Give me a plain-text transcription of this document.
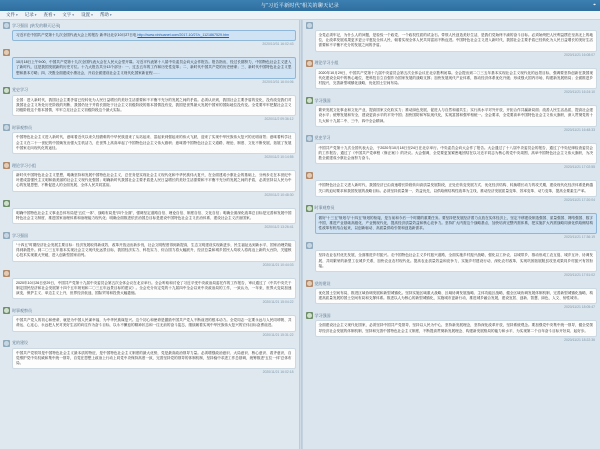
与“习近平新时代”相关的聊天记录	⌖
文件▾ 记录▾ 查看▾ 文字▾ 设置▾ 帮助▾
学习强国 [转发的聊天记录]
习近平在中国共产党第十九次全国代表大会上的报告 新华社北京10月27日电 http://www.xinhuanet.com/2017-10/27/c_1121867529.htm
2020/10/31 16:02:43
10月18日上午9:00，中国共产党第十九次全国代表大会在人民大会堂开幕。习近平代表第十八届中央委员会向大会作报告。报告指出，经过长期努力，中国特色社会主义进入了新时代，这是我国发展新的历史方位。十九大报告共分13个部分：一、过去五年的工作和历史性变革；二、新时代中国共产党的历史使命；三、新时代中国特色社会主义思想和基本方略；四、决胜全面建成小康社会，开启全面建设社会主义现代化国家新征程……
2020/10/31 16:04:06
党史学习
全国：进入新时代，我国社会主要矛盾已经转化为人民日益增长的美好生活需要和不平衡不充分的发展之间的矛盾。必须认识到，我国社会主要矛盾的变化，没有改变我们对我国社会主义所处历史阶段的判断，我国仍处于并将长期处于社会主义初级阶段的基本国情没有变，我国是世界最大发展中国家的国际地位没有变。全党要牢牢把握社会主义初级阶段这个基本国情，牢牢立足社会主义初级阶段这个最大实际。
2020/11/2 09:36:12
时事观察员
中国特色社会主义进入新时代，意味着近代以来久经磨难的中华民族迎来了从站起来、富起来到强起来的伟大飞跃，迎来了实现中华民族伟大复兴的光明前景；意味着科学社会主义在二十一世纪的中国焕发出强大生机活力，在世界上高高举起了中国特色社会主义伟大旗帜；意味着中国特色社会主义道路、理论、制度、文化不断发展，拓展了发展中国家走向现代化的途径。
2020/11/2 10:14:55
理论学习小组
新时代中国特色社会主义思想，明确坚持和发展中国特色社会主义，总任务是实现社会主义现代化和中华民族伟大复兴，在全面建成小康社会的基础上，分两步走在本世纪中叶建成富强民主文明和谐美丽的社会主义现代化强国；明确新时代我国社会主要矛盾是人民日益增长的美好生活需要和不平衡不充分的发展之间的矛盾，必须坚持以人民为中心的发展思想，不断促进人的全面发展、全体人民共同富裕。
2020/11/2 10:48:30
明确中国特色社会主义事业总体布局是“五位一体”、战略布局是“四个全面”，强调坚定道路自信、理论自信、制度自信、文化自信；明确全面深化改革总目标是完善和发展中国特色社会主义制度、推进国家治理体系和治理能力现代化；明确全面推进依法治国总目标是建设中国特色社会主义法治体系、建设社会主义法治国家。
2020/11/2 13:26:41
学习强国
“十四五”时期经济社会发展主要目标：经济发展取得新成效，改革开放迈出新步伐，社会文明程度得到新提高，生态文明建设实现新进步，民生福祉达到新水平，国家治理效能得到新提升。到二〇三五年基本实现社会主义现代化远景目标，我国经济实力、科技实力、综合国力将大幅跃升，经济总量和城乡居民人均收入将再迈上新的大台阶，关键核心技术实现重大突破，进入创新型国家前列。
2020/11/21 10:44:03
2020年10月26日至29日，中国共产党第十九届中央委员会第五次全体会议在北京举行。全会听取和讨论了习近平受中央政治局委托作的工作报告，审议通过了《中共中央关于制定国民经济和社会发展第十四个五年规划和二〇三五年远景目标的建议》。全会充分肯定党的十九届四中全会以来中央政治局的工作，一致认为，一年来，世界大变局加速演变，保护主义、单边主义上升，世界经济低迷，国际贸易和投资大幅萎缩。
2020/11/21 15:04:22
时事观察员
中国共产党人的初心和使命，就是为中国人民谋幸福，为中华民族谋复兴。这个初心和使命是激励中国共产党人不断前进的根本动力。全党同志一定要永远与人民同呼吸、共命运、心连心，永远把人民对美好生活的向往作为奋斗目标，以永不懈怠的精神状态和一往无前的奋斗姿态，继续朝着实现中华民族伟大复兴的宏伟目标奋勇前进。
2020/11/21 15:31:22
党的建设
中国共产党领导是中国特色社会主义最本质的特征，是中国特色社会主义制度的最大优势，党是最高政治领导力量。必须增强政治意识、大局意识、核心意识、看齐意识，自觉维护党中央权威和集中统一领导，自觉在思想上政治上行动上同党中央保持高度一致，完善坚持党的领导的体制机制，坚持稳中求进工作总基调，统筹推进“五位一体”总体布局。
2020/11/21 16:02:18
全党必须牢记，为什么人的问题，是检验一个政党、一个政权性质的试金石。带领人民创造美好生活，是我们党始终不渝的奋斗目标。必须始终把人民利益摆在至高无上的地位，让改革发展成果更多更公平惠及全体人民，朝着实现全体人民共同富裕不断迈进。中国特色社会主义进入新时代，我国社会主要矛盾已经转化为人民日益增长的美好生活需要和不平衡不充分的发展之间的矛盾。
2020/11/21 16:08:07
理论学习小组
2020年10月29日，中国共产党第十九届中央委员会第五次全体会议在北京胜利闭幕。全会提出到二〇三五年基本实现社会主义现代化的远景目标，强调要坚持创新在我国现代化建设全局中的核心地位，把科技自立自强作为国家发展的战略支撑；加快发展现代产业体系，推动经济体系优化升级；形成强大国内市场，构建新发展格局；全面推进乡村振兴，完善新型城镇化战略，优化国土空间布局。
2020/11/21 16:24:10
学习强国
繁荣发展文化事业和文化产业，提高国家文化软实力；推动绿色发展，促进人与自然和谐共生；实行高水平对外开放，开拓合作共赢新局面；改善人民生活品质，提高社会建设水平；统筹发展和安全，建设更高水平的平安中国；加快国防和军队现代化，实现富国和强军相统一。全会要求，全党要高举中国特色社会主义伟大旗帜，深入贯彻党的十九大和十九届二中、三中、四中全会精神。
2020/11/21 16:48:33
党史学习
中国共产党第十九次全国代表大会，于2020年10月18日至24日在北京举行。中央委员会向大会作了报告。大会通过了十八届中央委员会的报告，通过了中央纪律检查委员会的工作报告，通过了《中国共产党章程（修正案）》的决议。大会强调，全党要更加紧密地团结在以习近平同志为核心的党中央周围，高举中国特色社会主义伟大旗帜，为决胜全面建成小康社会而努力奋斗。
2020/11/21 17:02:55
中国特色社会主义进入新时代，我国经济已由高速增长阶段转向高质量发展阶段，正处在转变发展方式、优化经济结构、转换增长动力的攻关期，建设现代化经济体系是跨越关口的迫切要求和我国发展的战略目标。必须坚持质量第一、效益优先，以供给侧结构性改革为主线，推动经济发展质量变革、效率变革、动力变革，提高全要素生产率。
2020/11/21 17:20:04
时事观察员
做好“十三五”规划与“十四五”规划的衔接，是当前和今后一个时期的重要任务。要坚持把发展经济着力点放在实体经济上，坚定不移建设制造强国、质量强国、网络强国、数字中国，推进产业基础高级化、产业链现代化，提高经济质量效益和核心竞争力。坚持扩大内需这个战略基点，加快培育完整内需体系，把实施扩大内需战略同深化供给侧结构性改革有机结合起来，以创新驱动、高质量供给引领和创造新需求。
2020/11/21 17:36:19
坚持农业农村优先发展，全面推进乡村振兴。走中国特色社会主义乡村振兴道路，全面实施乡村振兴战略，强化以工补农、以城带乡，推动形成工农互促、城乡互补、协调发展、共同繁荣的新型工农城乡关系，加快农业农村现代化。提高农业质量效益和竞争力，实施乡村建设行动，深化农村改革，实现巩固拓展脱贫攻坚成果同乡村振兴有效衔接。
2020/11/21 17:51:02
党的建设
优化国土空间布局，推进区域协调发展和新型城镇化。坚持实施区域重大战略、区域协调发展战略、主体功能区战略，健全区域协调发展体制机制，完善新型城镇化战略，构建高质量发展的国土空间布局和支撑体系。推进以人为核心的新型城镇化，实施城市更新行动，推进城乡融合发展，建设宜居、创新、智慧、绿色、人文、韧性城市。
2020/11/21 18:05:47
学习强国
全面建设社会主义现代化国家，必须坚持中国共产党领导，坚持以人民为中心，坚持新发展理念，坚持深化改革开放，坚持系统观念。要加强党中央集中统一领导，健全党领导经济社会发展的体制机制，坚持和完善中国特色社会主义制度，不断提高贯彻新发展理念、构建新发展格局的能力和水平，为实现第二个百年奋斗目标开好局、起好步。
2020/11/21 18:22:36
